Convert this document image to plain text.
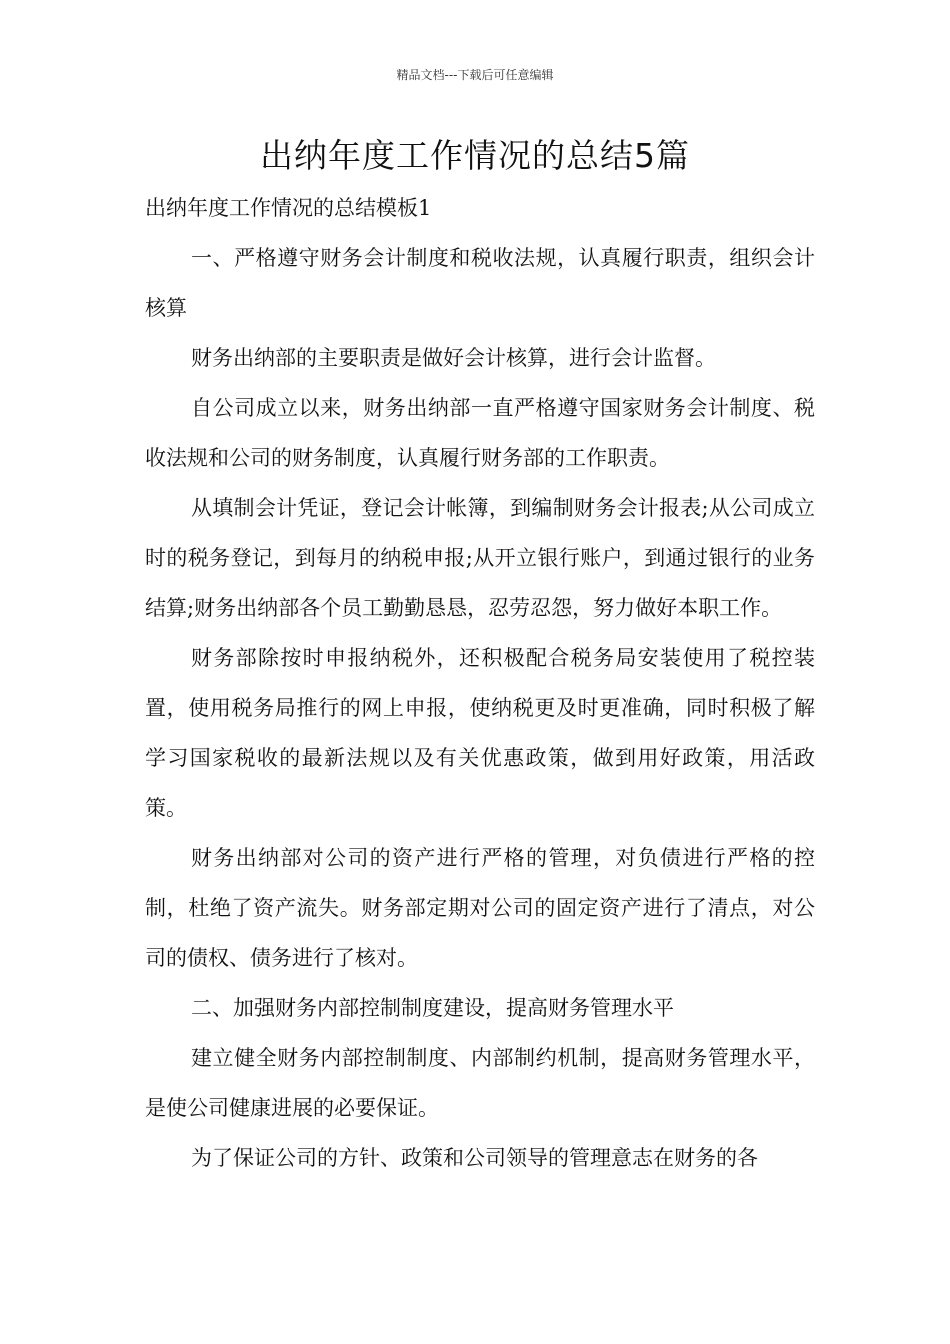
精品文档---下载后可任意编辑
出纳年度工作情况的总结5篇

出纳年度工作情况的总结模板1

一、严格遵守财务会计制度和税收法规，认真履行职责，组织会计核算

财务出纳部的主要职责是做好会计核算，进行会计监督。

自公司成立以来，财务出纳部一直严格遵守国家财务会计制度、税收法规和公司的财务制度，认真履行财务部的工作职责。

从填制会计凭证，登记会计帐簿，到编制财务会计报表;从公司成立时的税务登记，到每月的纳税申报;从开立银行账户，到通过银行的业务结算;财务出纳部各个员工勤勤恳恳，忍劳忍怨，努力做好本职工作。

财务部除按时申报纳税外，还积极配合税务局安装使用了税控装置，使用税务局推行的网上申报，使纳税更及时更准确，同时积极了解学习国家税收的最新法规以及有关优惠政策，做到用好政策，用活政策。

财务出纳部对公司的资产进行严格的管理，对负债进行严格的控制，杜绝了资产流失。财务部定期对公司的固定资产进行了清点，对公司的债权、债务进行了核对。

二、加强财务内部控制制度建设，提高财务管理水平

建立健全财务内部控制制度、内部制约机制，提高财务管理水平，是使公司健康进展的必要保证。

为了保证公司的方针、政策和公司领导的管理意志在财务的各
